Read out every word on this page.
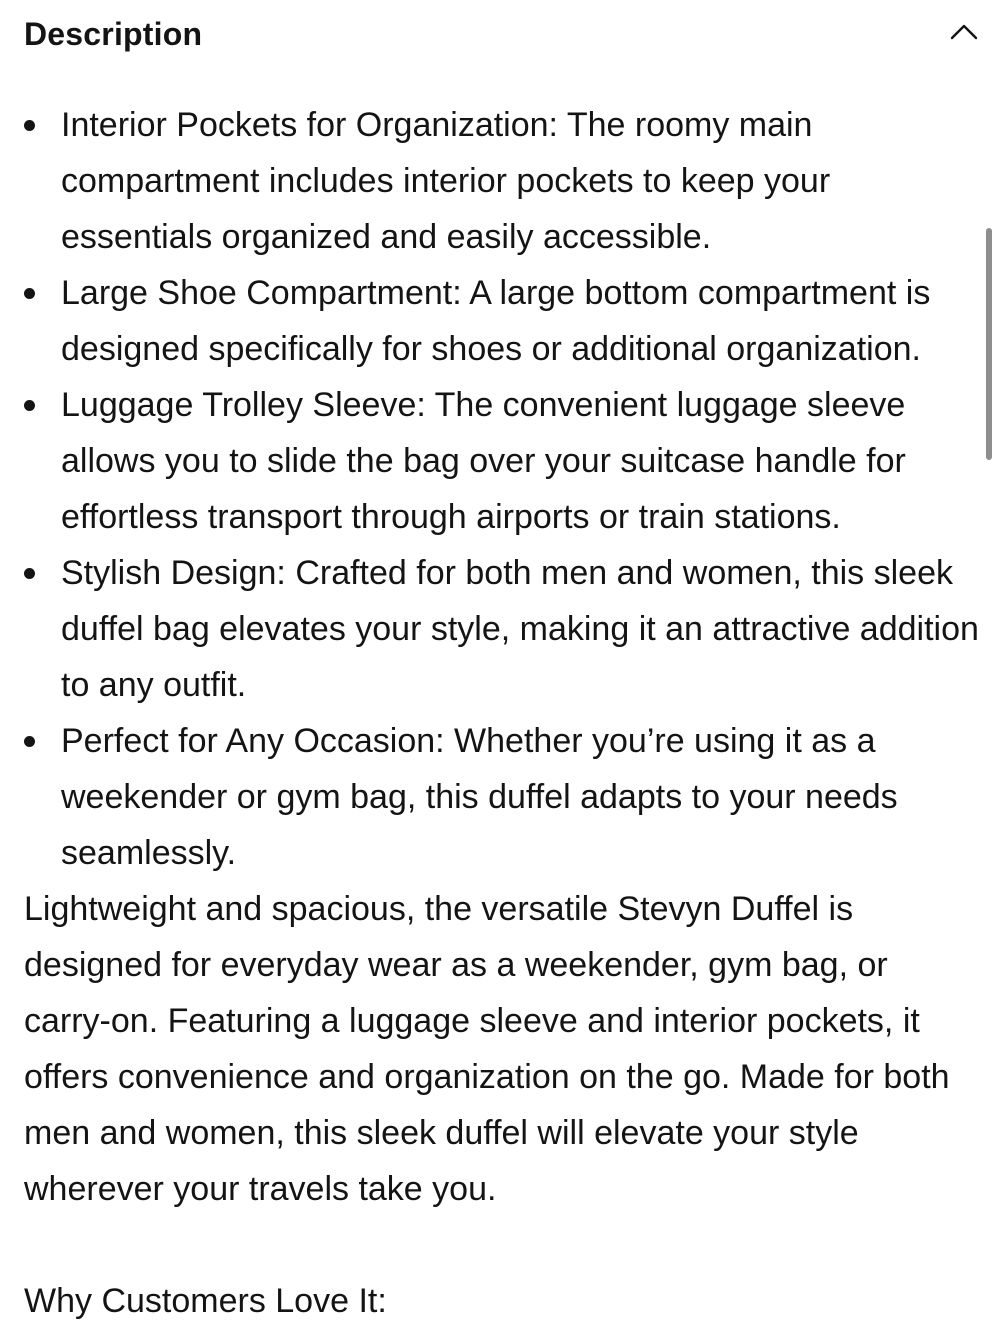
Description
Interior Pockets for Organization: The roomy main compartment includes interior pockets to keep your essentials organized and easily accessible.
Large Shoe Compartment: A large bottom compartment is designed specifically for shoes or additional organization.
Luggage Trolley Sleeve: The convenient luggage sleeve allows you to slide the bag over your suitcase handle for effortless transport through airports or train stations.
Stylish Design: Crafted for both men and women, this sleek duffel bag elevates your style, making it an attractive addition to any outfit.
Perfect for Any Occasion: Whether you’re using it as a weekender or gym bag, this duffel adapts to your needs seamlessly.

Lightweight and spacious, the versatile Stevyn Duffel is designed for everyday wear as a weekender, gym bag, or carry-on. Featuring a luggage sleeve and interior pockets, it offers convenience and organization on the go. Made for both men and women, this sleek duffel will elevate your style wherever your travels take you.

Why Customers Love It:
